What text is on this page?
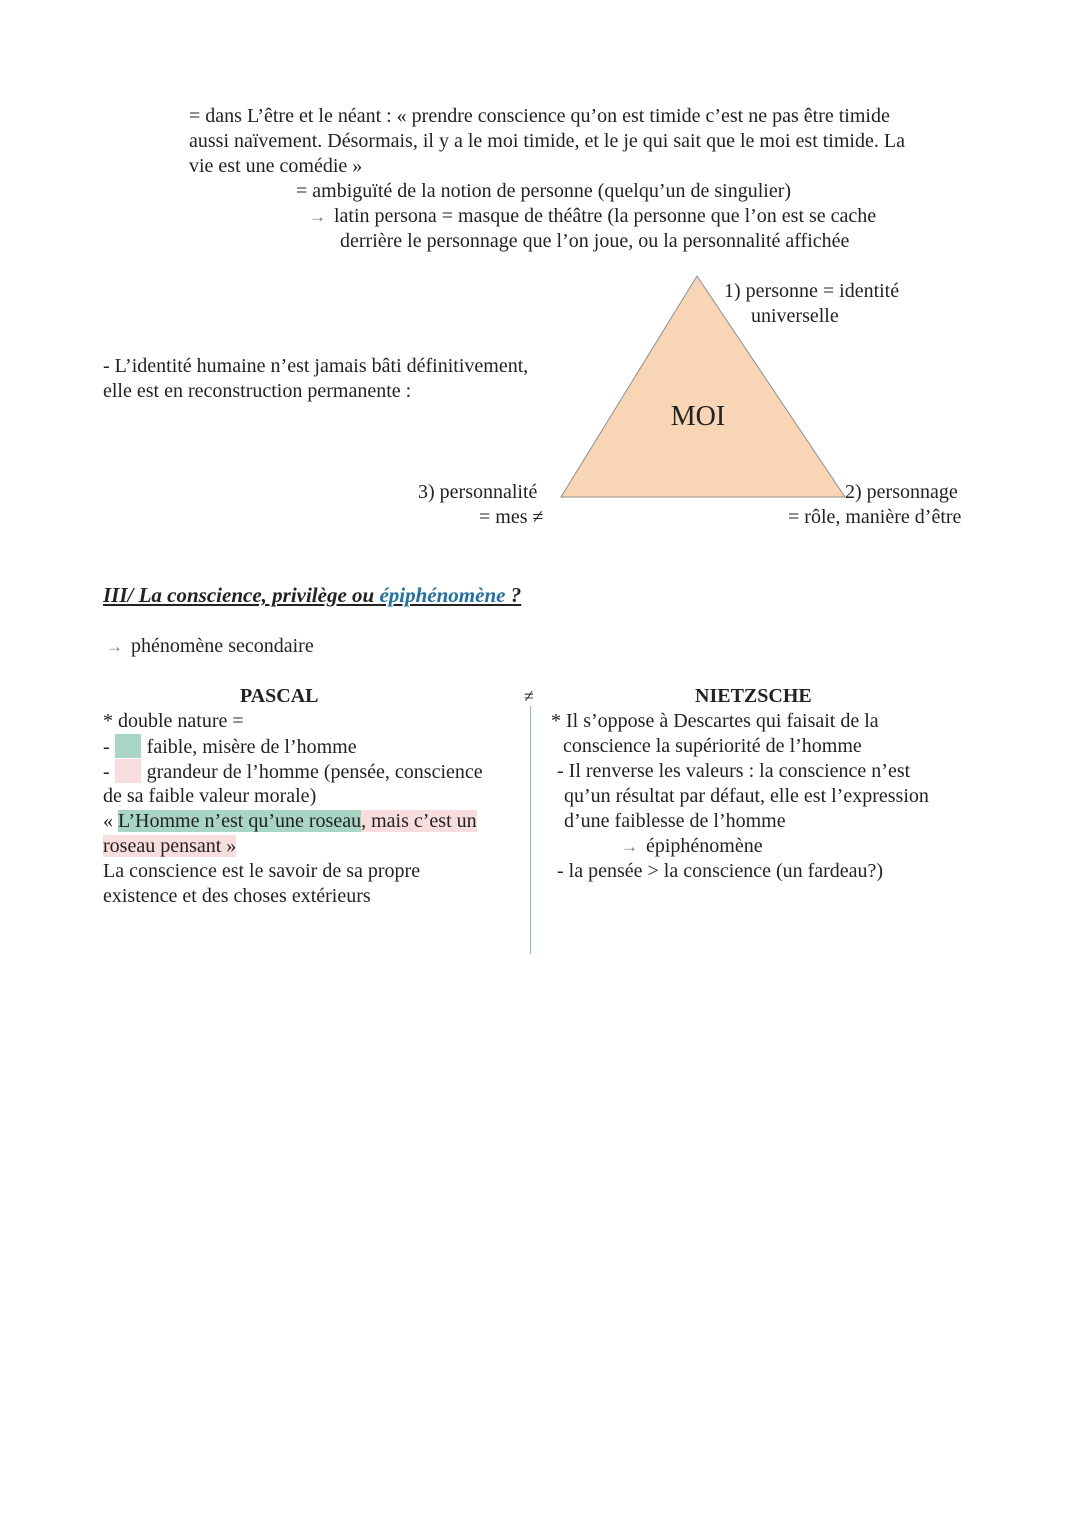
= dans L’être et le néant : « prendre conscience qu’on est timide c’est ne pas être timide
aussi naïvement. Désormais, il y a le moi timide, et le je qui sait que le moi est timide. La
vie est une comédie »
= ambiguïté de la notion de personne (quelqu’un de singulier)
→ latin persona = masque de théâtre (la personne que l’on est se cache
derrière le personnage que l’on joue, ou la personnalité affichée
- L’identité humaine n’est jamais bâti définitivement,
elle est en reconstruction permanente :
MOI
1) personne = identité
universelle
3) personnalité
= mes ≠
2) personnage
= rôle, manière d’être
III/ La conscience, privilège ou épiphénomène ?
→ phénomène secondaire
≠
PASCAL
* double nature =
- faible, misère de l’homme
- grandeur de l’homme (pensée, conscience
de sa faible valeur morale)
« L’Homme n’est qu’une roseau, mais c’est un
roseau pensant »
La conscience est le savoir de sa propre
existence et des choses extérieurs
NIETZSCHE
* Il s’oppose à Descartes qui faisait de la
conscience la supériorité de l’homme
- Il renverse les valeurs : la conscience n’est
qu’un résultat par défaut, elle est l’expression
d’une faiblesse de l’homme
→ épiphénomène
- la pensée > la conscience (un fardeau?)
